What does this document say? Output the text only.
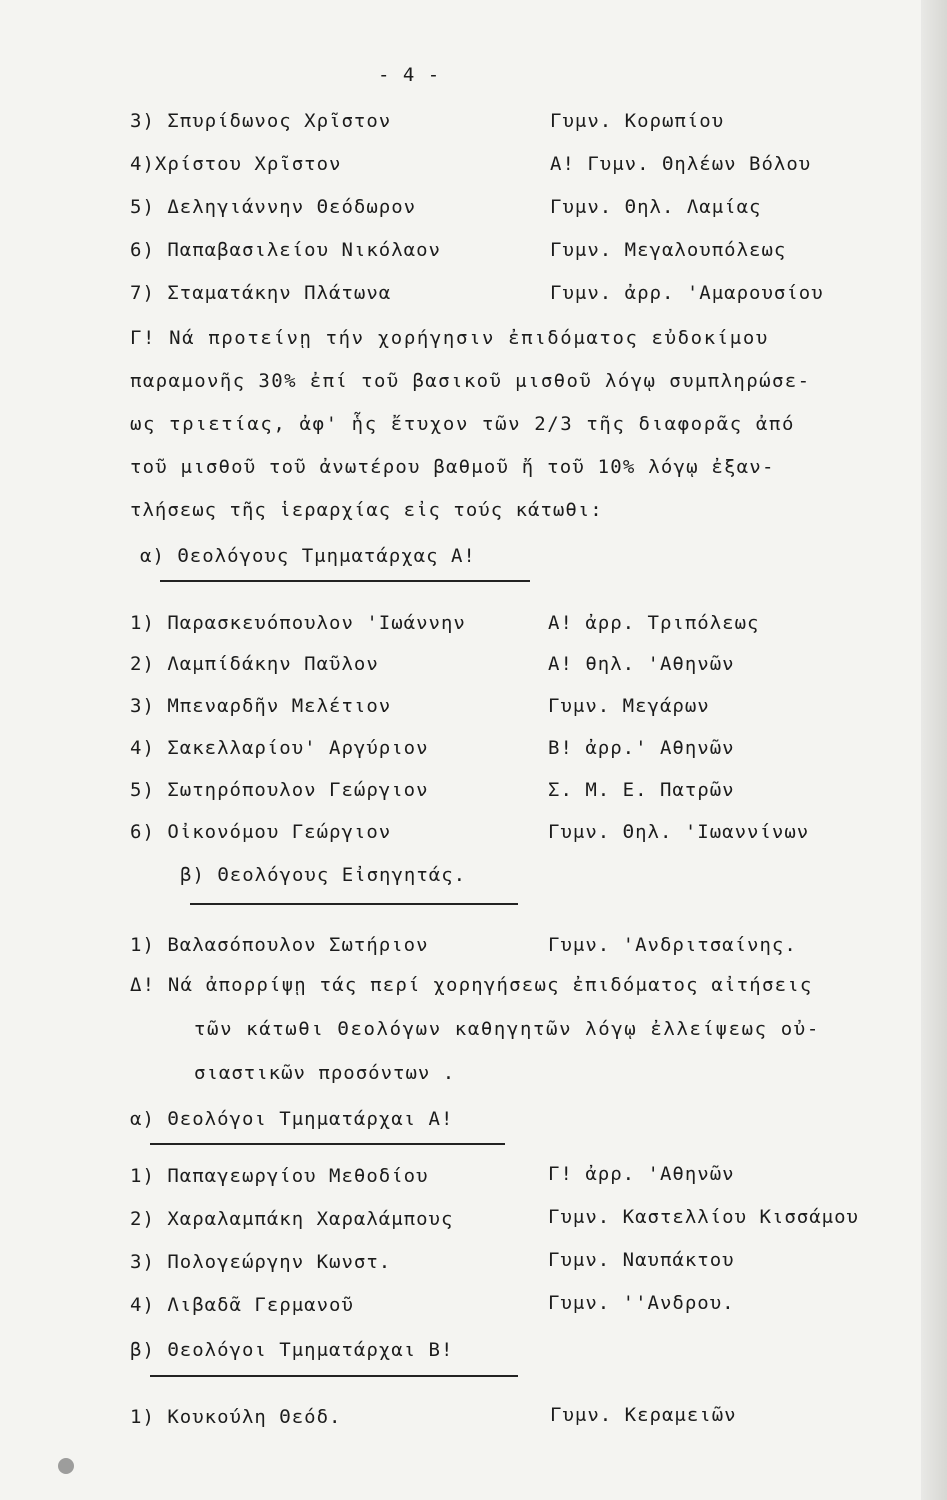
- 4 -
3) Σπυρίδωνος Χρῖστον	Γυμν. Κορωπίου
4)Χρίστου Χρῖστον	Α! Γυμν. Θηλέων Βόλου
5) Δεληγιάννην Θεόδωρον	Γυμν. Θηλ. Λαμίας
6) Παπαβασιλείου Νικόλαον	Γυμν. Μεγαλουπόλεως
7) Σταματάκην Πλάτωνα	Γυμν. ἀρρ. 'Αμαρουσίου
Γ! Νά προτείνῃ τήν χορήγησιν ἐπιδόματος εὐδοκίμου
παραμονῆς 30% ἐπί τοῦ βασικοῦ μισθοῦ λόγῳ συμπληρώσε-
ως τριετίας, ἀφ' ἧς ἔτυχον τῶν 2/3 τῆς διαφορᾶς ἀπό
τοῦ μισθοῦ τοῦ ἀνωτέρου βαθμοῦ ἤ τοῦ 10% λόγῳ ἐξαν-
τλήσεως τῆς ἱεραρχίας εἰς τούς κάτωθι:
α) Θεολόγους Τμηματάρχας Α!
1) Παρασκευόπουλον 'Ιωάννην	Α! ἀρρ. Τριπόλεως
2) Λαμπίδάκην Παῦλον	Α! θηλ. 'Αθηνῶν
3) Μπεναρδῆν Μελέτιον	Γυμν. Μεγάρων
4) Σακελλαρίου' Αργύριον	Β! ἀρρ.' Αθηνῶν
5) Σωτηρόπουλον Γεώργιον	Σ. Μ. Ε. Πατρῶν
6) Οἰκονόμου Γεώργιον	Γυμν. Θηλ. 'Ιωαννίνων
β) Θεολόγους Εἰσηγητάς.
1) Βαλασόπουλον Σωτήριον	Γυμν. 'Ανδριτσαίνης.
Δ! Νά ἀπορρίψῃ τάς περί χορηγήσεως ἐπιδόματος αἰτήσεις
τῶν κάτωθι Θεολόγων καθηγητῶν λόγῳ ἐλλείψεως οὐ-
σιαστικῶν προσόντων .
α) Θεολόγοι Τμηματάρχαι Α!
1) Παπαγεωργίου Μεθοδίου	Γ! ἀρρ. 'Αθηνῶν
2) Χαραλαμπάκη Χαραλάμπους	Γυμν. Καστελλίου Κισσάμου
3) Πολογεώργην Κωνστ.	Γυμν. Ναυπάκτου
4) Λιβαδᾶ Γερμανοῦ	Γυμν. ''Ανδρου.
β) Θεολόγοι Τμηματάρχαι Β!
1) Κουκούλη Θεόδ.	Γυμν. Κεραμειῶν
